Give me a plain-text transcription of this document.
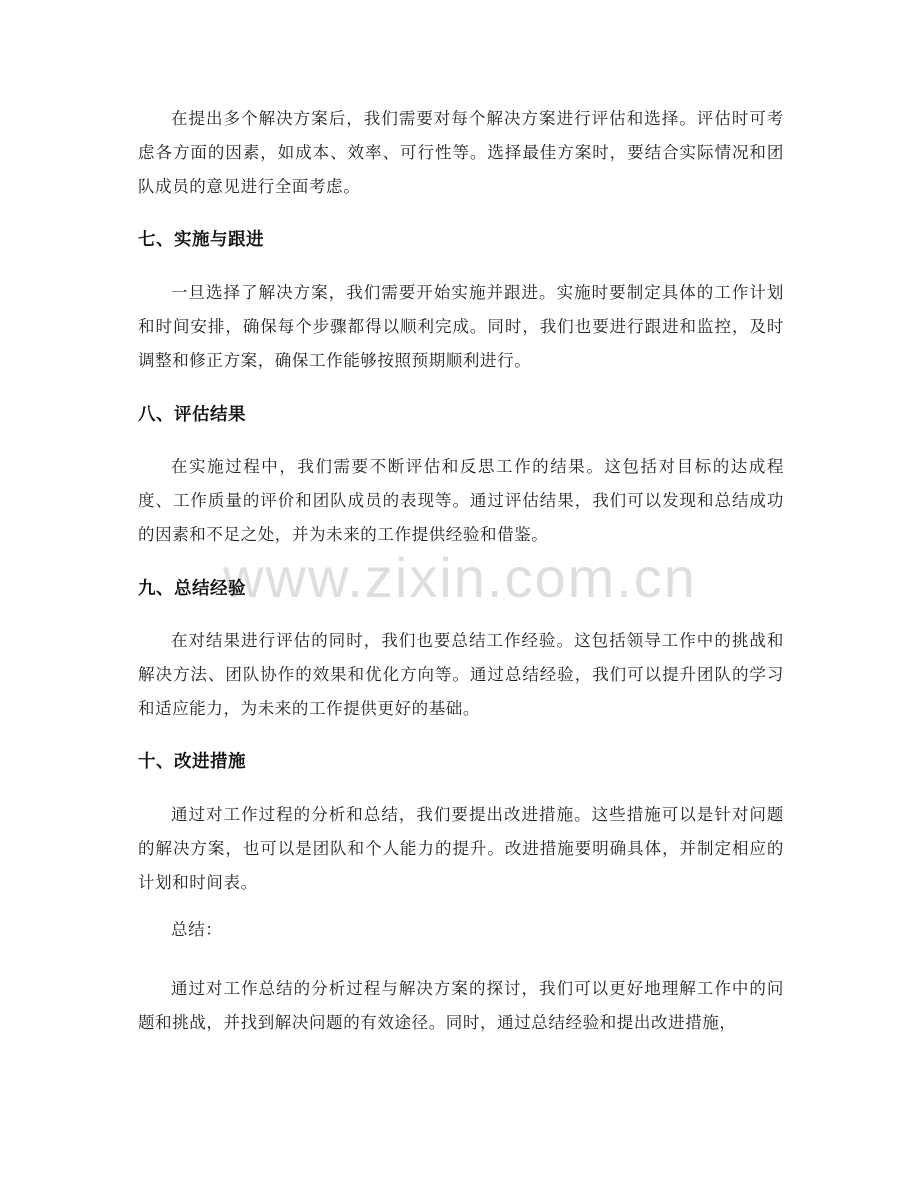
www.zixin.com.cn

在提出多个解决方案后，我们需要对每个解决方案进行评估和选择。评估时可考虑各方面的因素，如成本、效率、可行性等。选择最佳方案时，要结合实际情况和团队成员的意见进行全面考虑。

七、实施与跟进

一旦选择了解决方案，我们需要开始实施并跟进。实施时要制定具体的工作计划和时间安排，确保每个步骤都得以顺利完成。同时，我们也要进行跟进和监控，及时调整和修正方案，确保工作能够按照预期顺利进行。

八、评估结果

在实施过程中，我们需要不断评估和反思工作的结果。这包括对目标的达成程度、工作质量的评价和团队成员的表现等。通过评估结果，我们可以发现和总结成功的因素和不足之处，并为未来的工作提供经验和借鉴。

九、总结经验

在对结果进行评估的同时，我们也要总结工作经验。这包括领导工作中的挑战和解决方法、团队协作的效果和优化方向等。通过总结经验，我们可以提升团队的学习和适应能力，为未来的工作提供更好的基础。

十、改进措施

通过对工作过程的分析和总结，我们要提出改进措施。这些措施可以是针对问题的解决方案，也可以是团队和个人能力的提升。改进措施要明确具体，并制定相应的计划和时间表。

总结：

通过对工作总结的分析过程与解决方案的探讨，我们可以更好地理解工作中的问题和挑战，并找到解决问题的有效途径。同时，通过总结经验和提出改进措施，
